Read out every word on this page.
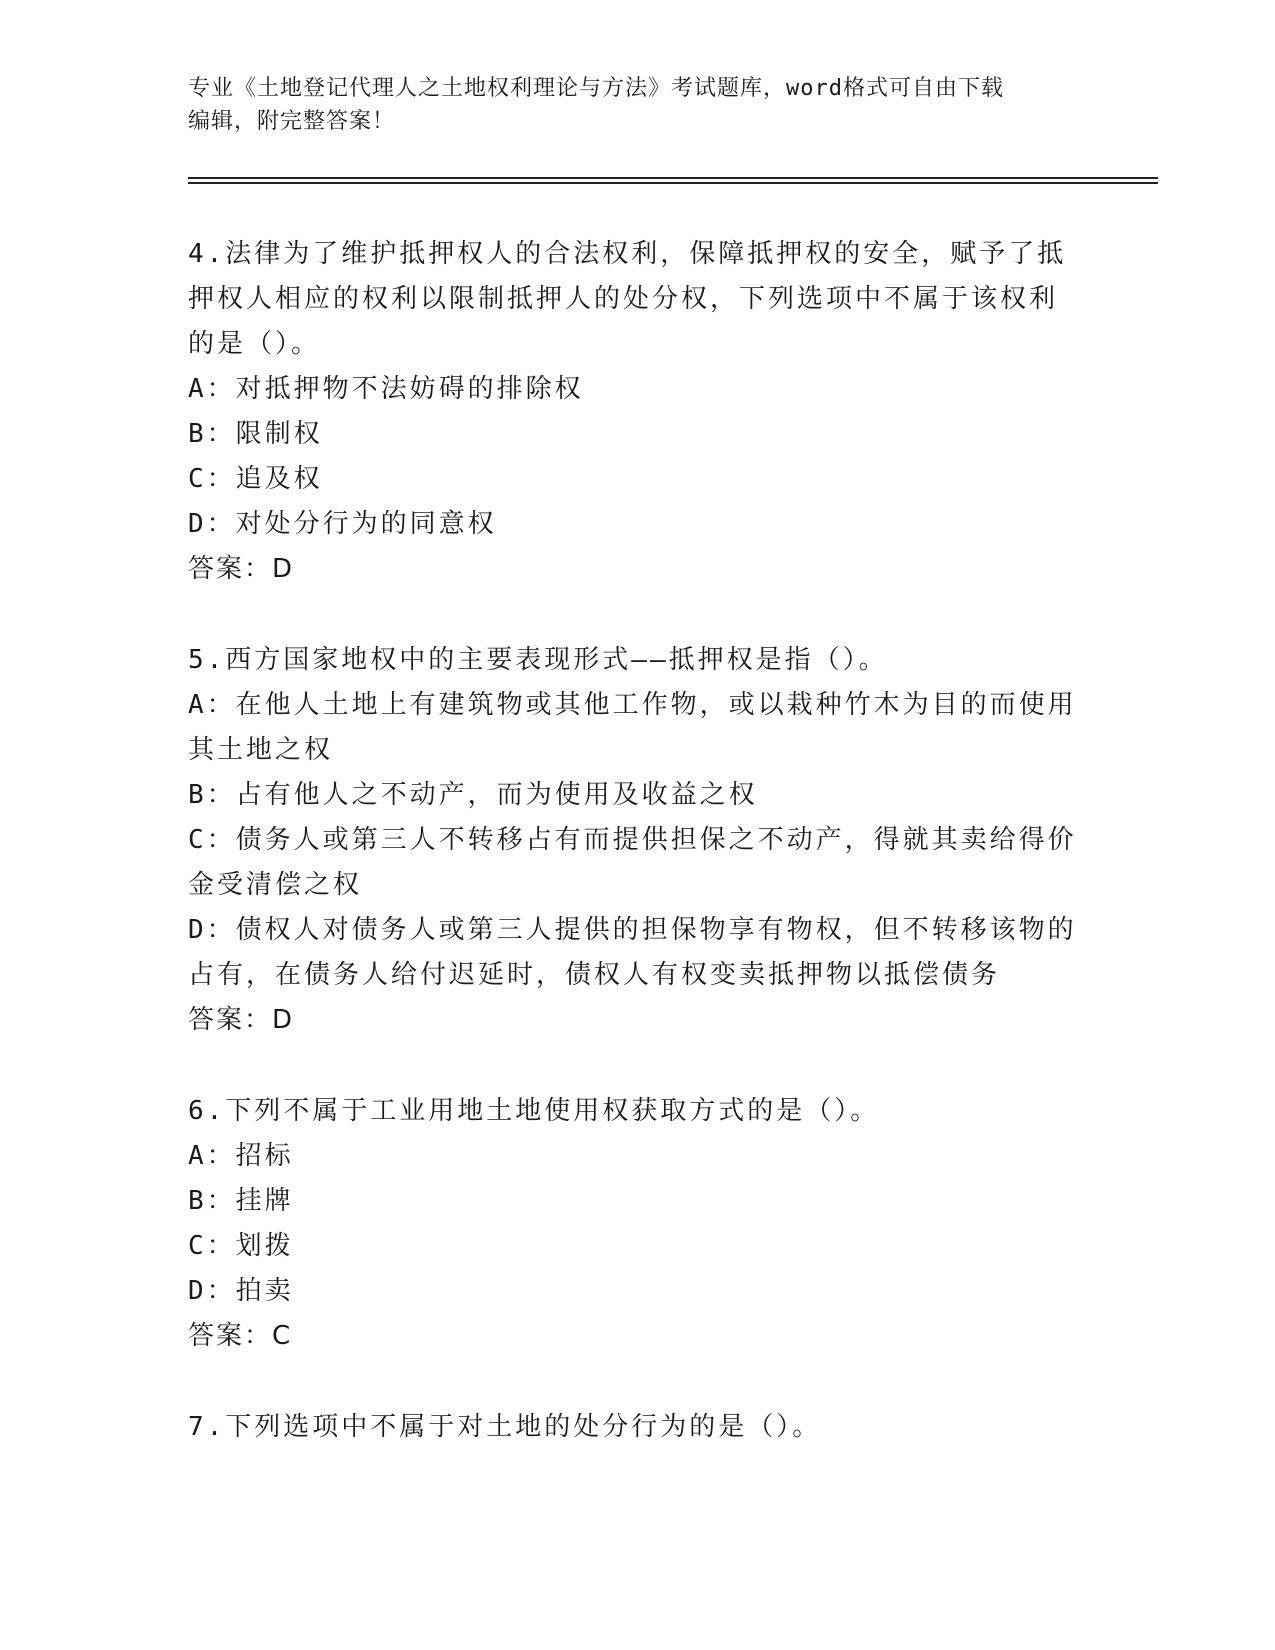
专业《土地登记代理人之土地权利理论与方法》考试题库，word格式可自由下载
编辑，附完整答案！
4.法律为了维护抵押权人的合法权利，保障抵押权的安全，赋予了抵
押权人相应的权利以限制抵押人的处分权，下列选项中不属于该权利
的是（）。
A：对抵押物不法妨碍的排除权
B：限制权
C：追及权
D：对处分行为的同意权
答案：D
5.西方国家地权中的主要表现形式——抵押权是指（）。
A：在他人土地上有建筑物或其他工作物，或以栽种竹木为目的而使用
其土地之权
B：占有他人之不动产，而为使用及收益之权
C：债务人或第三人不转移占有而提供担保之不动产，得就其卖给得价
金受清偿之权
D：债权人对债务人或第三人提供的担保物享有物权，但不转移该物的
占有，在债务人给付迟延时，债权人有权变卖抵押物以抵偿债务
答案：D
6.下列不属于工业用地土地使用权获取方式的是（）。
A：招标
B：挂牌
C：划拨
D：拍卖
答案：C
7.下列选项中不属于对土地的处分行为的是（）。
